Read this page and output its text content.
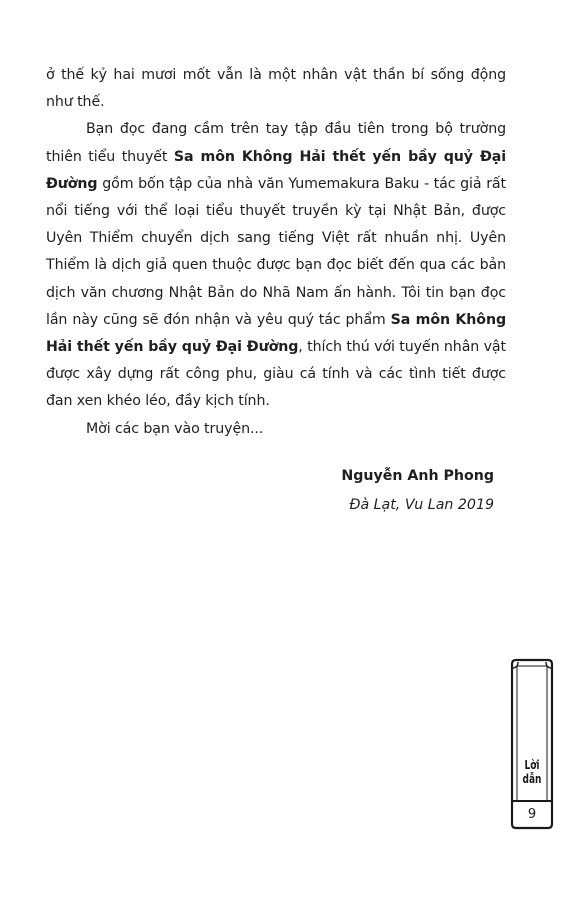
ở thế kỷ hai mươi mốt vẫn là một nhân vật thần bí sống động như thế.

Bạn đọc đang cầm trên tay tập đầu tiên trong bộ trường thiên tiểu thuyết Sa môn Không Hải thết yến bầy quỷ Đại Đường gồm bốn tập của nhà văn Yumemakura Baku - tác giả rất nổi tiếng với thể loại tiểu thuyết truyền kỳ tại Nhật Bản, được Uyên Thiểm chuyển dịch sang tiếng Việt rất nhuần nhị. Uyên Thiểm là dịch giả quen thuộc được bạn đọc biết đến qua các bản dịch văn chương Nhật Bản do Nhã Nam ấn hành. Tôi tin bạn đọc lần này cũng sẽ đón nhận và yêu quý tác phẩm Sa môn Không Hải thết yến bầy quỷ Đại Đường, thích thú với tuyến nhân vật được xây dựng rất công phu, giàu cá tính và các tình tiết được đan xen khéo léo, đầy kịch tính.

Mời các bạn vào truyện...

Nguyễn Anh Phong
Đà Lạt, Vu Lan 2019
Lời
dẫn
9
